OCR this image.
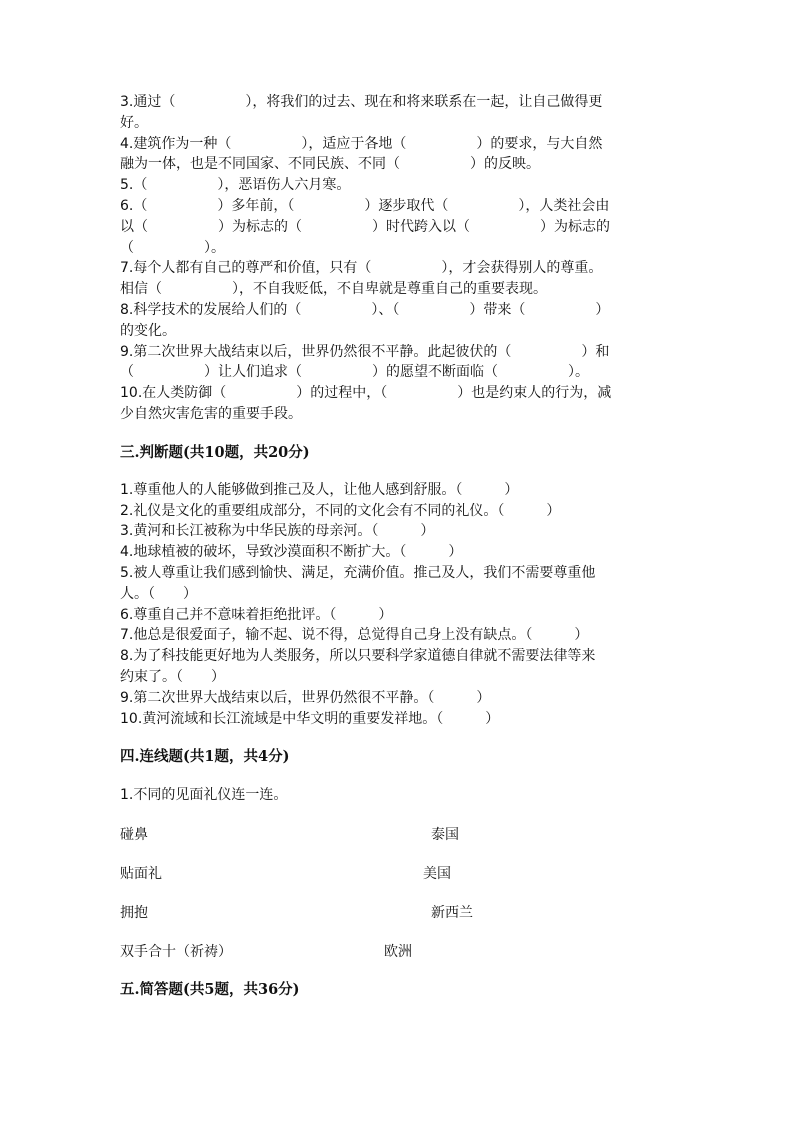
3.通过（　　　　　），将我们的过去、现在和将来联系在一起，让自己做得更

好。

4.建筑作为一种（　　　　　），适应于各地（　　　　　）的要求，与大自然

融为一体，也是不同国家、不同民族、不同（　　　　　）的反映。

5.（　　　　　），恶语伤人六月寒。

6.（　　　　　）多年前，（　　　　　）逐步取代（　　　　　），人类社会由

以（　　　　　）为标志的（　　　　　）时代跨入以（　　　　　）为标志的

（　　　　　）。

7.每个人都有自己的尊严和价值，只有（　　　　　），才会获得别人的尊重。

相信（　　　　　），不自我贬低，不自卑就是尊重自己的重要表现。

8.科学技术的发展给人们的（　　　　　）、（　　　　　）带来（　　　　　）

的变化。

9.第二次世界大战结束以后，世界仍然很不平静。此起彼伏的（　　　　　）和

（　　　　　）让人们追求（　　　　　）的愿望不断面临（　　　　　）。

10.在人类防御（　　　　　）的过程中，（　　　　　）也是约束人的行为，减

少自然灾害危害的重要手段。

三.判断题(共10题，共20分)

1.尊重他人的人能够做到推己及人，让他人感到舒服。（　　　）

2.礼仪是文化的重要组成部分，不同的文化会有不同的礼仪。（　　　）

3.黄河和长江被称为中华民族的母亲河。（　　　）

4.地球植被的破坏，导致沙漠面积不断扩大。（　　　）

5.被人尊重让我们感到愉快、满足，充满价值。推己及人，我们不需要尊重他

人。（　　）

6.尊重自己并不意味着拒绝批评。（　　　）

7.他总是很爱面子，输不起、说不得，总觉得自己身上没有缺点。（　　　）

8.为了科技能更好地为人类服务，所以只要科学家道德自律就不需要法律等来

约束了。（　　）

9.第二次世界大战结束以后，世界仍然很不平静。（　　　）

10.黄河流域和长江流域是中华文明的重要发祥地。（　　　）

四.连线题(共1题，共4分)

1.不同的见面礼仪连一连。

碰鼻	泰国
贴面礼	美国
拥抱	新西兰
双手合十（祈祷）	欧洲

五.简答题(共5题，共36分)
